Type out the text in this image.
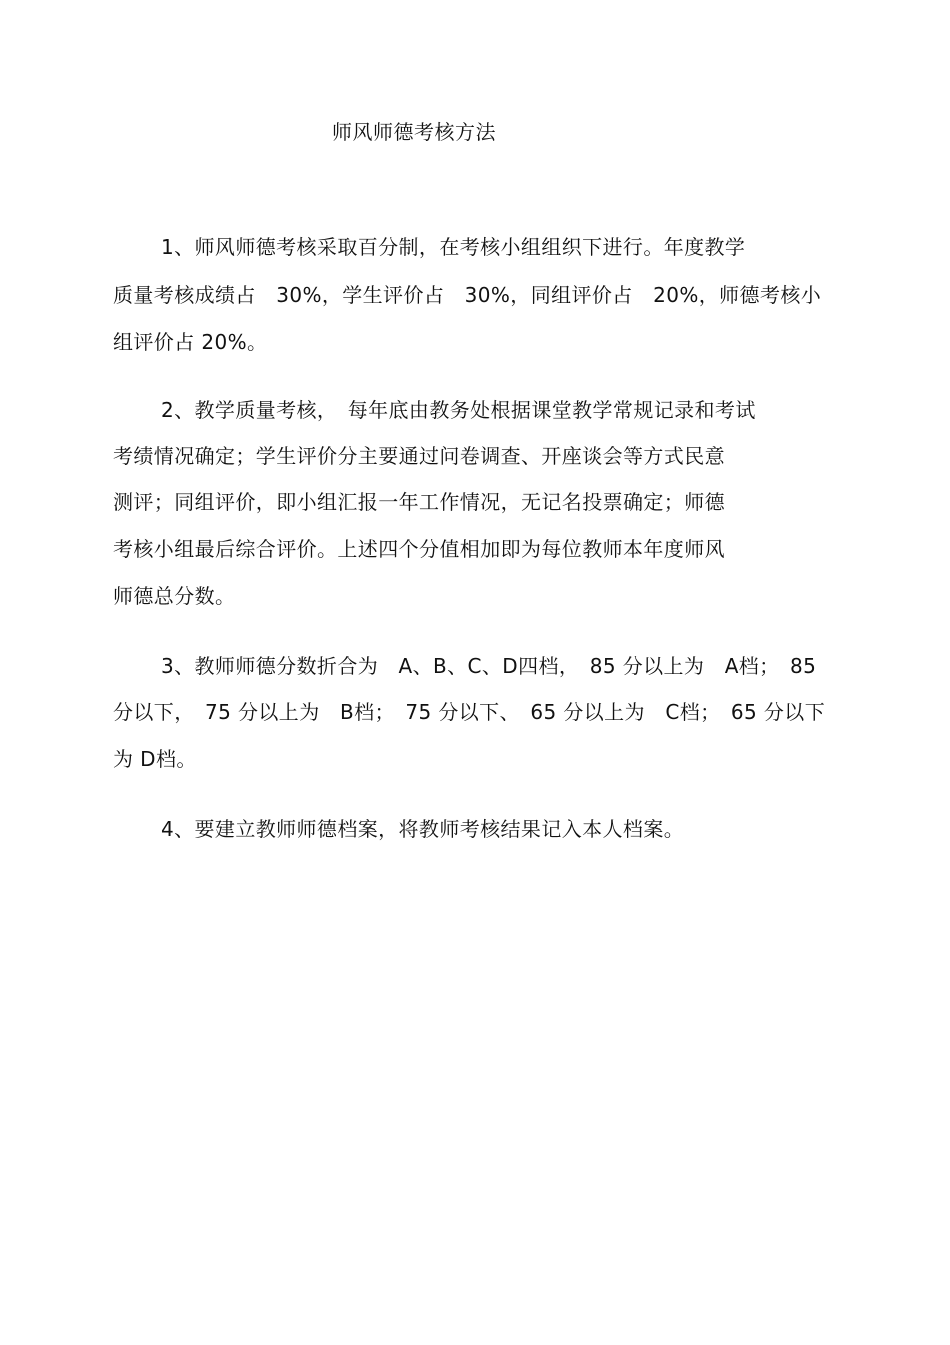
师风师德考核方法
1、师风师德考核采取百分制，在考核小组组织下进行。年度教学
质量考核成绩占　30%，学生评价占　30%，同组评价占　20%，师德考核小
组评价占 20%。
2、教学质量考核，　每年底由教务处根据课堂教学常规记录和考试
考绩情况确定；学生评价分主要通过问卷调查、开座谈会等方式民意
测评；同组评价，即小组汇报一年工作情况，无记名投票确定；师德
考核小组最后综合评价。上述四个分值相加即为每位教师本年度师风
师德总分数。
3、教师师德分数折合为　A、B、C、D四档，　85 分以上为　A档；　85
分以下，　75 分以上为　B档；　75 分以下、　65 分以上为　C档；　65 分以下
为 D档。
4、要建立教师师德档案，将教师考核结果记入本人档案。
